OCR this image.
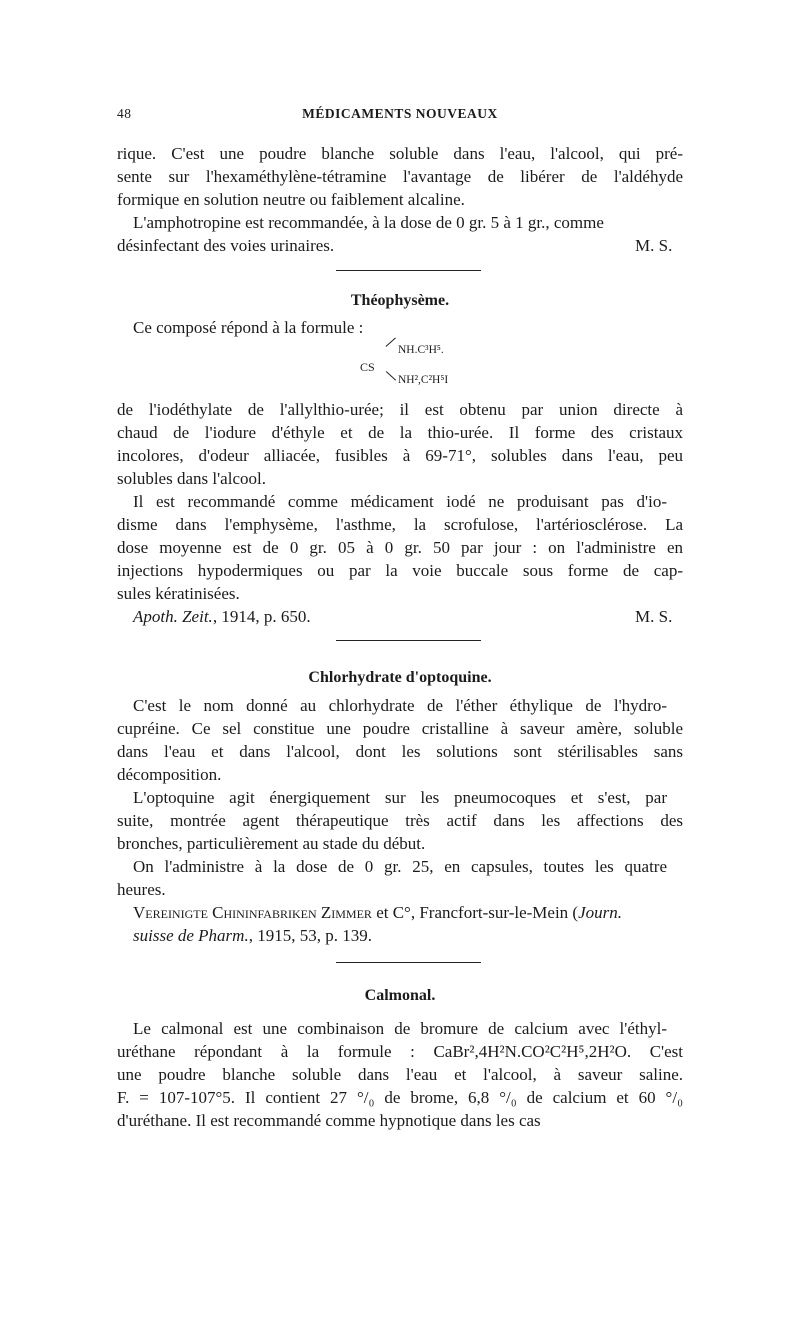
48	MÉDICAMENTS NOUVEAUX
rique. C'est une poudre blanche soluble dans l'eau, l'alcool, qui pré-
sente sur l'hexaméthylène-tétramine l'avantage de libérer de l'aldéhyde
formique en solution neutre ou faiblement alcaline.
L'amphotropine est recommandée, à la dose de 0 gr. 5 à 1 gr., comme
désinfectant des voies urinaires.	M. S.
Théophysème.
Ce composé répond à la formule :
CS
NH.C³H⁵.
NH²,C²H⁵I
de l'iodéthylate de l'allylthio-urée; il est obtenu par union directe à
chaud de l'iodure d'éthyle et de la thio-urée. Il forme des cristaux
incolores, d'odeur alliacée, fusibles à 69-71°, solubles dans l'eau, peu
solubles dans l'alcool.
Il est recommandé comme médicament iodé ne produisant pas d'io-
disme dans l'emphysème, l'asthme, la scrofulose, l'artériosclérose. La
dose moyenne est de 0 gr. 05 à 0 gr. 50 par jour : on l'administre en
injections hypodermiques ou par la voie buccale sous forme de cap-
sules kératinisées.
Apoth. Zeit., 1914, p. 650.	M. S.
Chlorhydrate d'optoquine.
C'est le nom donné au chlorhydrate de l'éther éthylique de l'hydro-
cupréine. Ce sel constitue une poudre cristalline à saveur amère, soluble
dans l'eau et dans l'alcool, dont les solutions sont stérilisables sans
décomposition.
L'optoquine agit énergiquement sur les pneumocoques et s'est, par
suite, montrée agent thérapeutique très actif dans les affections des
bronches, particulièrement au stade du début.
On l'administre à la dose de 0 gr. 25, en capsules, toutes les quatre
heures.
Vereinigte Chininfabriken Zimmer et C°, Francfort-sur-le-Mein (Journ.
suisse de Pharm., 1915, 53, p. 139.
Calmonal.
Le calmonal est une combinaison de bromure de calcium avec l'éthyl-
uréthane répondant à la formule : CaBr²,4H²N.CO²C²H⁵,2H²O. C'est
une poudre blanche soluble dans l'eau et l'alcool, à saveur saline.
F. = 107-107°5. Il contient 27 °/₀ de brome, 6,8 °/₀ de calcium et 60 °/₀
d'uréthane. Il est recommandé comme hypnotique dans les cas
